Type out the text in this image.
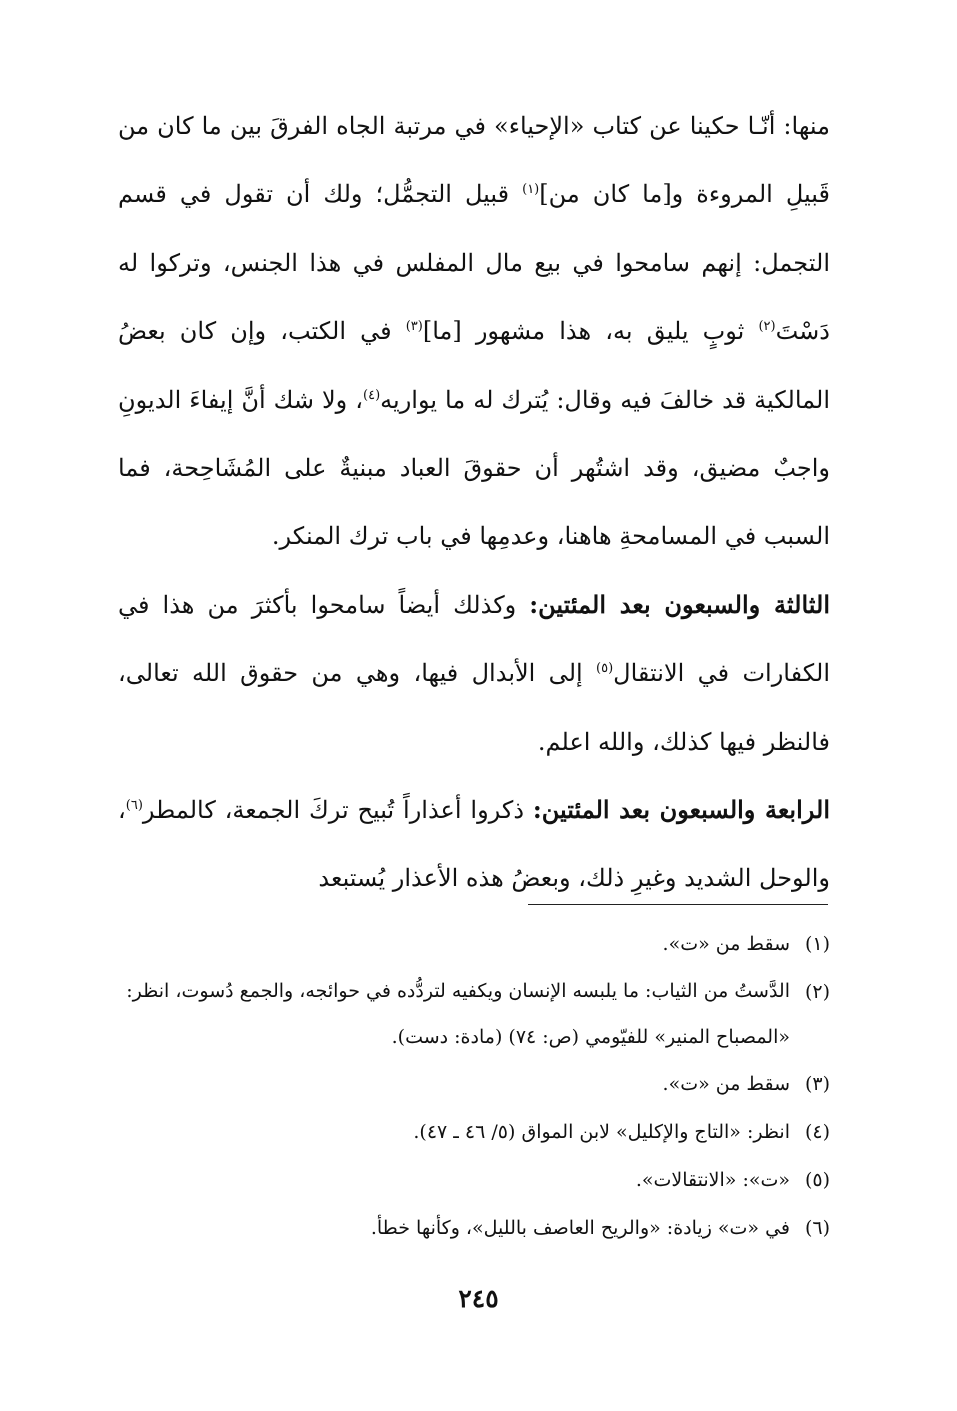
منها: أنّـا حكينا عن كتاب «الإحياء» في مرتبة الجاه الفرقَ بين ما كان من قَبيلِ المروءة و[ما كان من]$^{(١)}$ قبيل التجمُّل؛ ولك أن تقول في قسم التجمل: إنهم سامحوا في بيع مال المفلس في هذا الجنس، وتركوا له دَسْتَ$^{(٢)}$ ثوبٍ يليق به، هذا مشهور [ما]$^{(٣)}$ في الكتب، وإن كان بعضُ المالكية قد خالفَ فيه وقال: يُترك له ما يواريه$^{(٤)}$، ولا شك أنَّ إيفاءَ الديونِ واجبٌ مضيق، وقد اشتُهر أن حقوقَ العباد مبنيةٌ على المُشَاحِحة، فما السبب في المسامحةِ هاهنا، وعدمِها في باب ترك المنكر.

الثالثة والسبعون بعد المئتين: وكذلك أيضاً سامحوا بأكثرَ من هذا في الكفارات في الانتقال$^{(٥)}$ إلى الأبدال فيها، وهي من حقوق الله تعالى، فالنظر فيها كذلك، والله اعلم.

الرابعة والسبعون بعد المئتين: ذكروا أعذاراً تُبيح تركَ الجمعة، كالمطر$^{(٦)}$، والوحل الشديد وغيرِ ذلك، وبعضُ هذه الأعذار يُستبعد

(١)
سقط من «ت».
(٢)
الدَّستُ من الثياب: ما يلبسه الإنسان ويكفيه لتردُّده في حوائجه، والجمع دُسوت، انظر: «المصباح المنير» للفيّومي (ص: ٧٤) (مادة: دست).
(٣)
سقط من «ت».
(٤)
انظر: «التاج والإكليل» لابن المواق (٥/ ٤٦ ـ ٤٧).
(٥)
«ت»: «الانتقالات».
(٦)
في «ت» زيادة: «والريح العاصف بالليل»، وكأنها خطأ.
٢٤٥
